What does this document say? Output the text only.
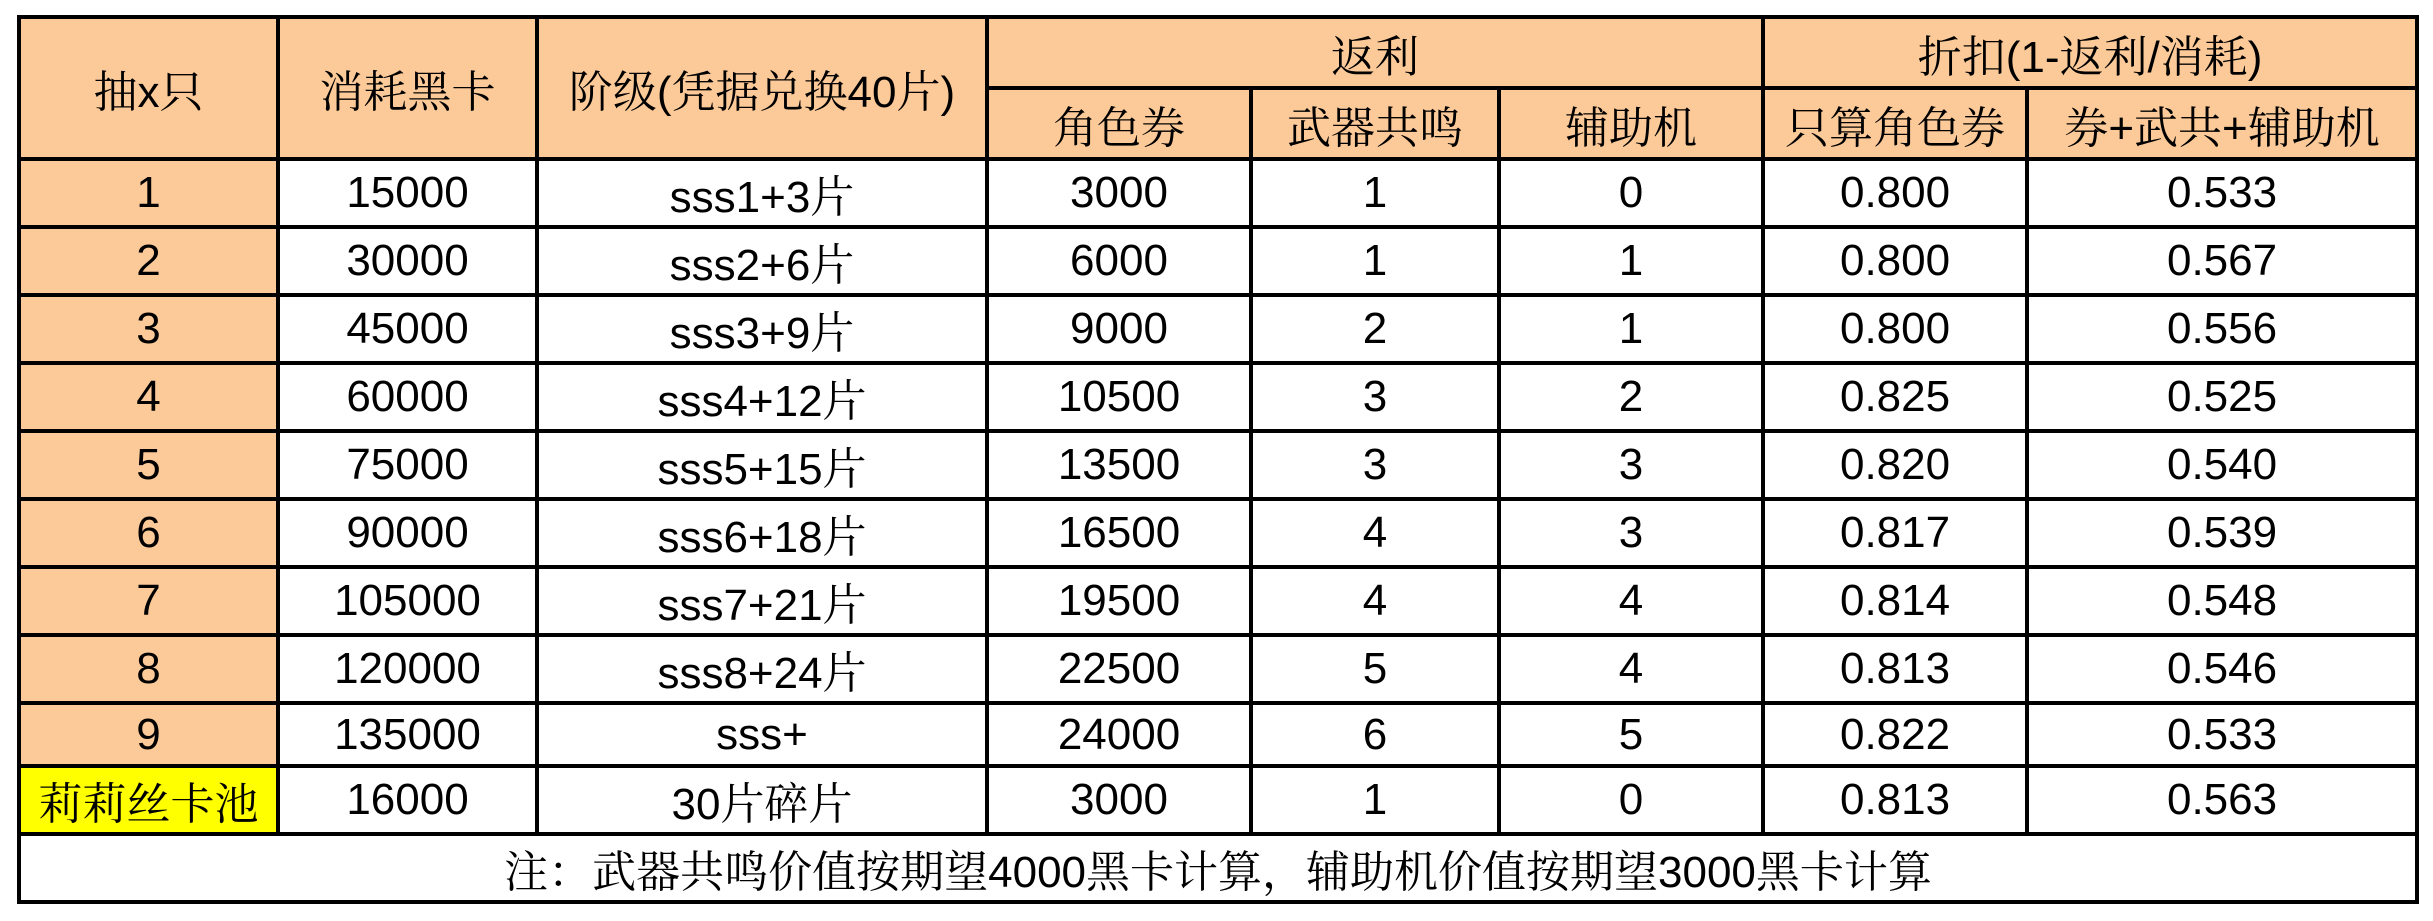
抽x只	消耗黑卡	阶级(凭据兑换40片)	返利			折扣(1-返利/消耗)	
			角色券	武器共鸣	辅助机	只算角色券	券+武共+辅助机
1	15000	sss1+3片	3000	1	0	0.800	0.533
2	30000	sss2+6片	6000	1	1	0.800	0.567
3	45000	sss3+9片	9000	2	1	0.800	0.556
4	60000	sss4+12片	10500	3	2	0.825	0.525
5	75000	sss5+15片	13500	3	3	0.820	0.540
6	90000	sss6+18片	16500	4	3	0.817	0.539
7	105000	sss7+21片	19500	4	4	0.814	0.548
8	120000	sss8+24片	22500	5	4	0.813	0.546
9	135000	sss+	24000	6	5	0.822	0.533
莉莉丝卡池	16000	30片碎片	3000	1	0	0.813	0.563
注：武器共鸣价值按期望4000黑卡计算，辅助机价值按期望3000黑卡计算							
